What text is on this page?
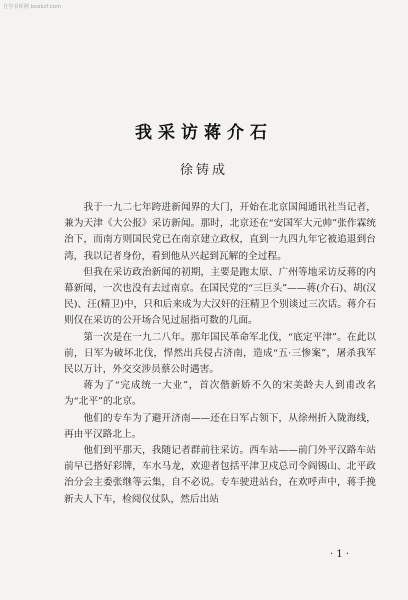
自学书库网 bookzf.com
我采访蒋介石
徐铸成

我于一九二七年跨进新闻界的大门，开始在北京国闻通讯社当记者，兼为天津《大公报》采访新闻。那时，北京还在“安国军大元帅”张作霖统治下，而南方则国民党已在南京建立政权，直到一九四九年它被追退到台湾，我以记者身份，看到他从兴起到瓦解的全过程。

但我在采访政治新闻的初期，主要是跑太原、广州等地采访反蒋的内幕新闻，一次也没有去过南京。在国民党的“三巨头”——蒋(介石)、胡(汉民)、汪(精卫)中，只和后来成为大汉奸的汪精卫个别谈过三次话。蒋介石则仅在采访的公开场合见过屈指可数的几面。

第一次是在一九二八年。那年国民革命军北伐，“底定平津”。在此以前，日军为破坏北伐，悍然出兵侵占济南，造成“五·三惨案”，屠杀我军民以万计，外交交涉员蔡公时遇害。

蒋为了“完成统一大业”，首次偕新娇不久的宋美龄夫人到甫改名为“北平”的北京。

他们的专车为了避开济南——还在日军占领下，从徐州折入陇海线，再由平汉路北上。

他们到平那天，我随记者群前往采访。西车站——前门外平汉路车站前早已搭好彩牌，车水马龙，欢迎者包括平津卫戍总司令阎锡山、北平政治分会主委张继等云集，自不必说。专车驶进站台，在欢呼声中，蒋手挽新夫人下车，检阅仪仗队，然后出站

· 1 ·
